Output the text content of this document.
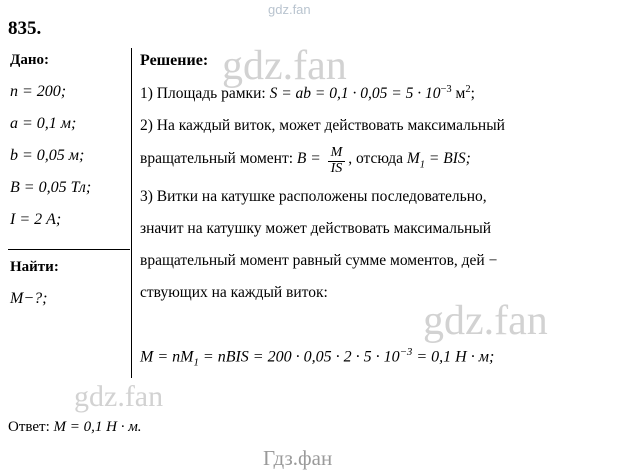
gdz.fan
835.
Дано:
n = 200;
a = 0,1 м;
b = 0,05 м;
B = 0,05 Тл;
I = 2 А;
Найти:
M−?;
Решение:
1) Площадь рамки: S = ab = $0,1 \cdot 0,05 = 5 \cdot 10^{-3}$ $м^2$;
2) На каждый виток, может действовать максимальный
вращательный момент: $B = \frac{M}{IS}$ , отсюда $M_1$ = BIS;
3) Витки на катушке расположены последовательно,
значит на катушку может действовать максимальный
вращательный момент равный сумме моментов, дей −
ствующих на каждый виток:
$M = nM_1$ = nBIS = $200 \cdot 0,05 \cdot 2 \cdot 5 \cdot 10^{-3} = 0,1$ Н · м;
Ответ: M = 0,1 Н · м.
gdz.fan
gdz.fan
gdz.fan
Гдз.фан
